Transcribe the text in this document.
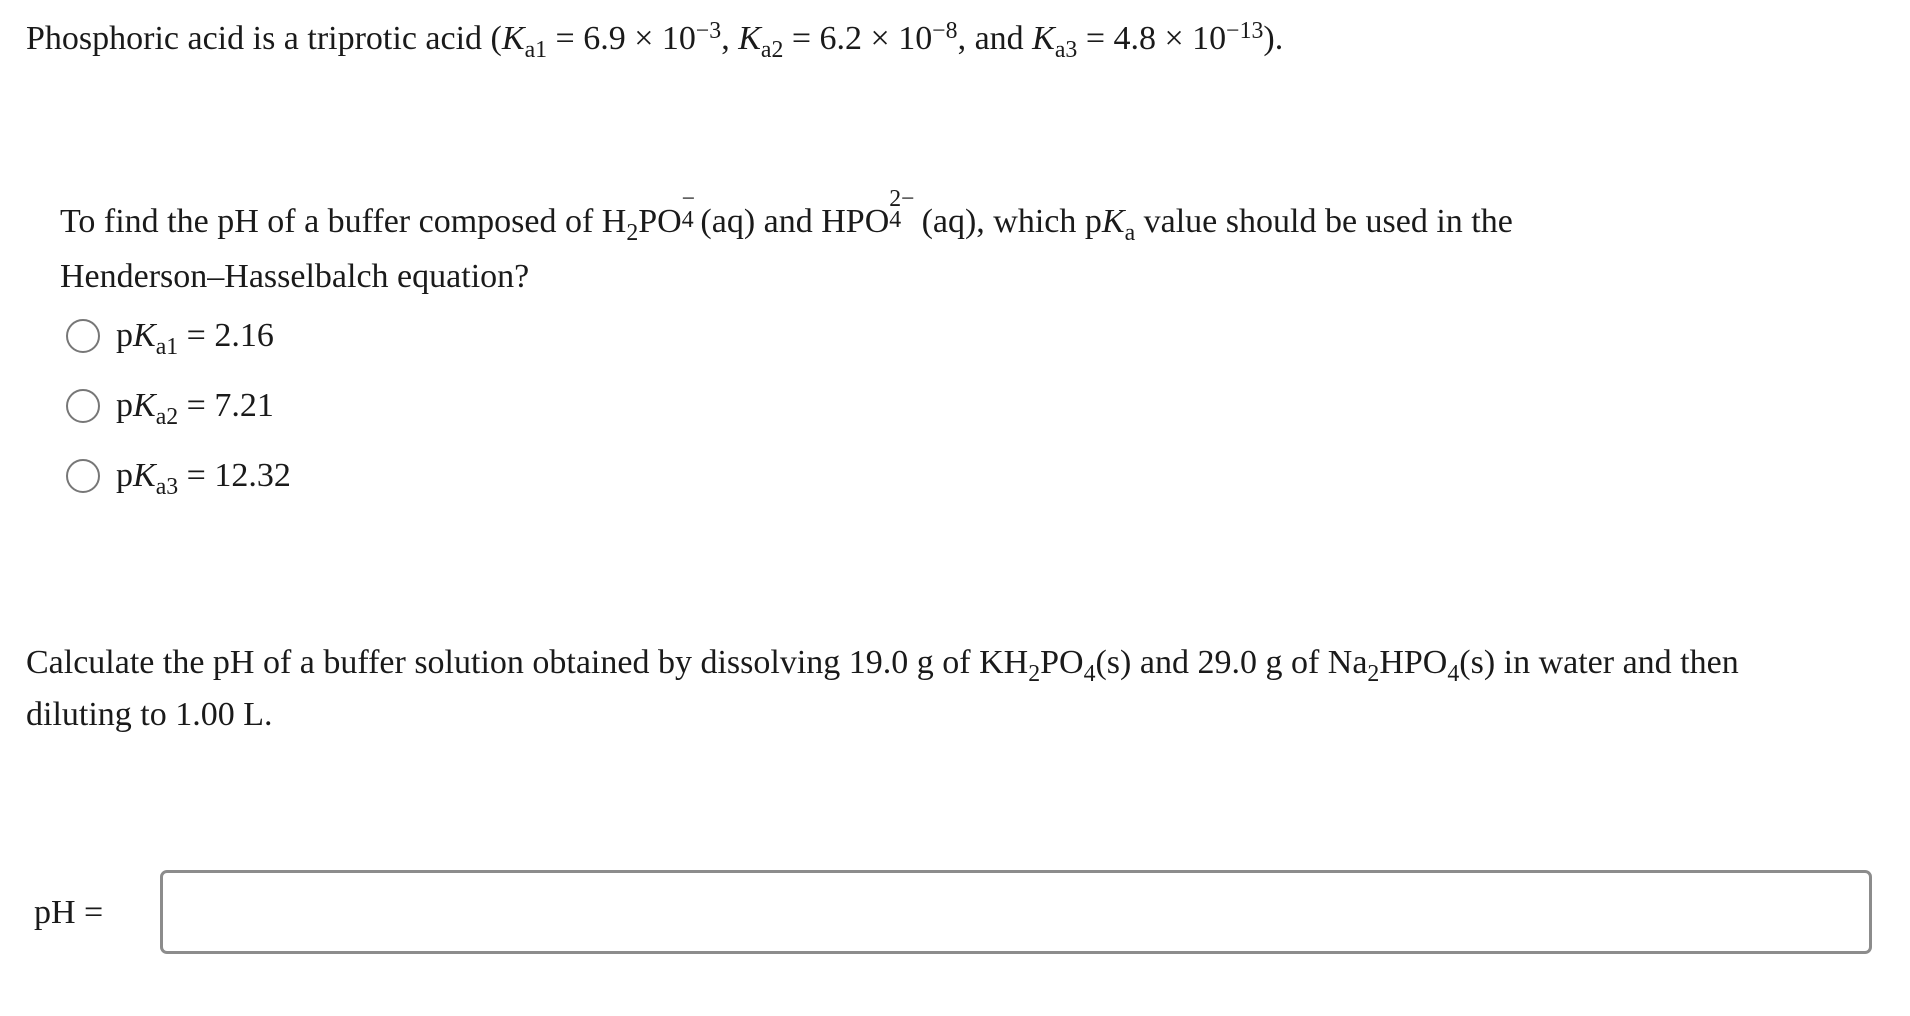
Phosphoric acid is a triprotic acid ($K_{a1} = 6.9 \times 10^{-3}$, $K_{a2} = 6.2 \times 10^{-8}$, and $K_{a3} = 4.8 \times 10^{-13}$).
To find the pH of a buffer composed of $H_2PO$
−
4 (aq) and HPO
2−
4 (aq), which $pK_a$ value should be used in the
Henderson–Hasselbalch equation?
$pK_{a1} = 2.16$
$pK_{a2} = 7.21$
$pK_{a3} = 12.32$
Calculate the pH of a buffer solution obtained by dissolving 19.0 g of $KH_2PO_4(s)$ and 29.0 g of $Na_2HPO_4(s)$ in water and then
diluting to 1.00 L.
pH =
